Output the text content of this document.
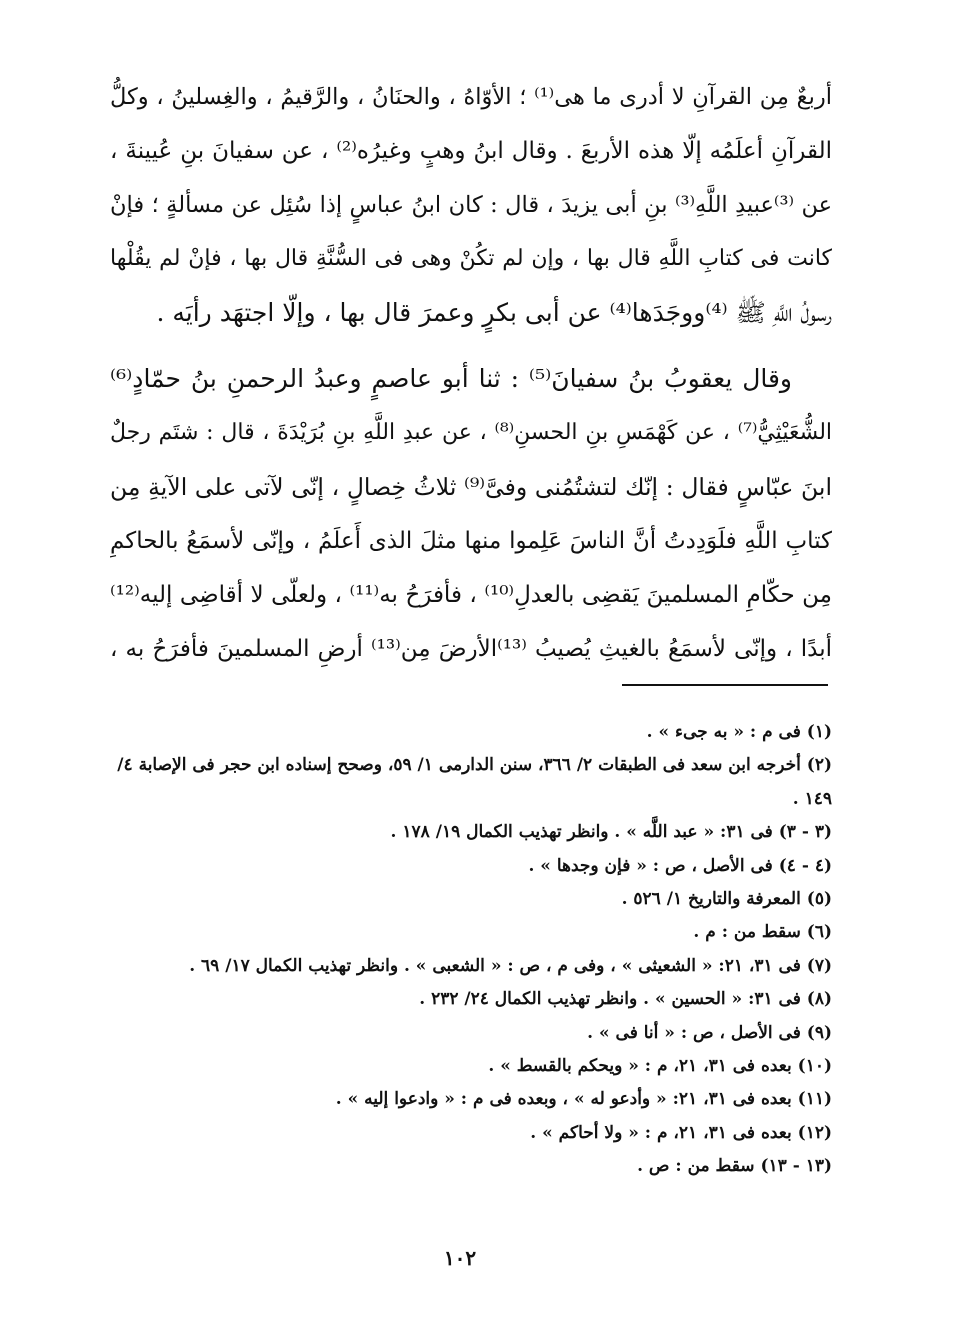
أربعٌ مِن القرآنِ لا أدرى ما هى⁽¹⁾ ؛ الأوّاهُ ، والحنَانُ ، والرَّقيمُ ، والغِسلينُ ، وكلُّ
القرآنِ أعلَمُه إلّا هذه الأربعَ . وقال ابنُ وهبٍ وغيرُه⁽²⁾ ، عن سفيانَ بنِ عُيينةَ ،
عن ⁽³⁾عبيدِ اللَّهِ⁽³⁾ بنِ أبى يزيدَ ، قال : كان ابنُ عباسٍ إذا سُئِل عن مسألةٍ ؛ فإنْ
كانت فى كتابِ اللَّهِ قال بها ، وإن لم تكُنْ وهى فى السُّنَّةِ قال بها ، فإنْ لم يقُلْها
رسولُ اللَّهِ ﷺ ⁽⁴⁾ووجَدَها⁽⁴⁾ عن أبى بكرٍ وعمرَ قال بها ، وإلّا اجتهَد رأيَه .
وقال يعقوبُ بنُ سفيانَ⁽⁵⁾ : ثنا أبو عاصمٍ وعبدُ الرحمنِ بنُ حمّادٍ⁽⁶⁾
الشُّعَيْثِيُّ⁽⁷⁾ ، عن كَهْمَسِ بنِ الحسنِ⁽⁸⁾ ، عن عبدِ اللَّهِ بنِ بُرَيْدَةَ ، قال : شتَم رجلٌ
ابنَ عبّاسٍ فقال : إنّك لتشتُمُنى وفىَّ⁽⁹⁾ ثلاثُ خِصالٍ ، إنّى لآتى على الآيةِ مِن
كتابِ اللَّهِ فلَوَدِدتُ أنَّ الناسَ عَلِموا منها مثلَ الذى أَعلَمُ ، وإنّى لأسمَعُ بالحاكمِ
مِن حكّامِ المسلمينَ يَقضِى بالعدلِ⁽¹⁰⁾ ، فأفرَحُ به⁽¹¹⁾ ، ولعلّى لا أقاضِى إليه⁽¹²⁾
أبدًا ، وإنّى لأسمَعُ بالغيثِ يُصيبُ ⁽¹³⁾الأرضَ مِن⁽¹³⁾ أرضِ المسلمينَ فأفرَحُ به ،
(١) فى م : « به جىء » .
(٢) أخرجه ابن سعد فى الطبقات ٢/ ٣٦٦، سنن الدارمى ١/ ٥٩، وصحح إسناده ابن حجر فى الإصابة ٤/
١٤٩ .
(٣ - ٣) فى ٣١: « عبد اللَّه » . وانظر تهذيب الكمال ١٩/ ١٧٨ .
(٤ - ٤) فى الأصل ، ص : « فإن وجدها » .
(٥) المعرفة والتاريخ ١/ ٥٢٦ .
(٦) سقط من : م .
(٧) فى ٣١، ٢١: « الشعيثى » ، وفى م ، ص : « الشعبى » . وانظر تهذيب الكمال ١٧/ ٦٩ .
(٨) فى ٣١: « الحسين » . وانظر تهذيب الكمال ٢٤/ ٢٣٢ .
(٩) فى الأصل ، ص : « أنا فى » .
(١٠) بعده فى ٣١، ٢١، م : « ويحكم بالقسط » .
(١١) بعده فى ٣١، ٢١: « وأدعو له » ، وبعده فى م : « وادعوا إليه » .
(١٢) بعده فى ٣١، ٢١، م : « ولا أحاكم » .
(١٣ - ١٣) سقط من : ص .
١٠٢
